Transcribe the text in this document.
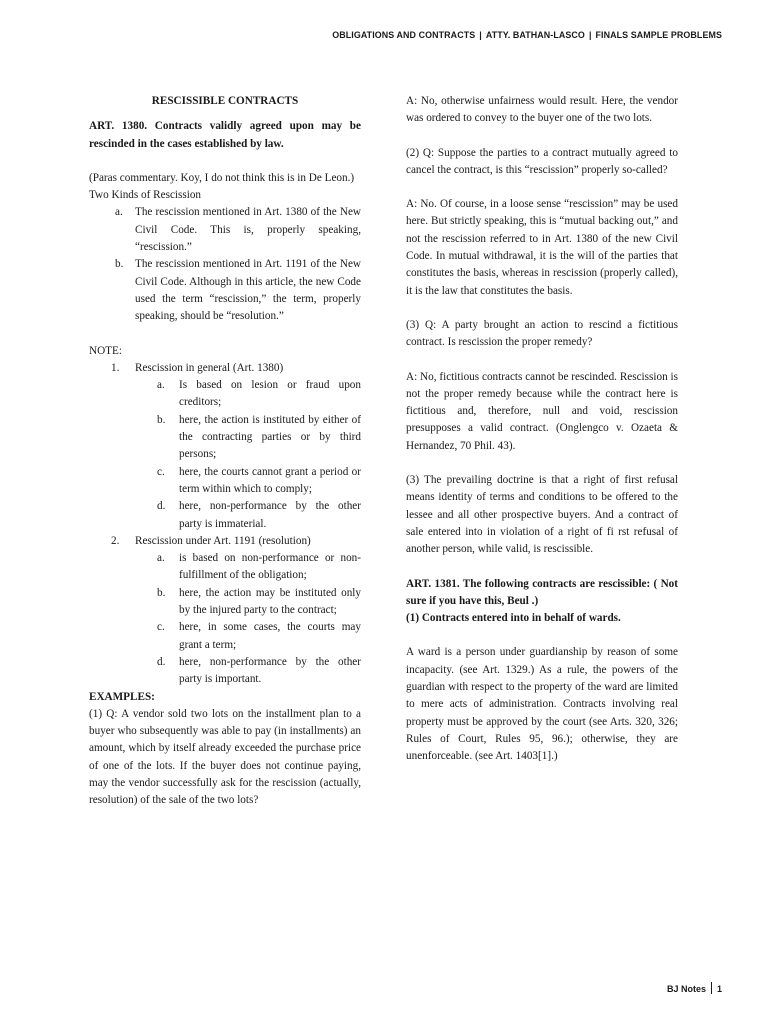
OBLIGATIONS AND CONTRACTS | ATTY. BATHAN-LASCO | FINALS SAMPLE PROBLEMS

RESCISSIBLE CONTRACTS

ART. 1380. Contracts validly agreed upon may be rescinded in the cases established by law.

(Paras commentary. Koy, I do not think this is in De Leon.)

Two Kinds of Rescission

a. The rescission mentioned in Art. 1380 of the New Civil Code. This is, properly speaking, “rescission.”
b. The rescission mentioned in Art. 1191 of the New Civil Code. Although in this article, the new Code used the term “rescission,” the term, properly speaking, should be “resolution.”

NOTE:

1. Rescission in general (Art. 1380)
a. Is based on lesion or fraud upon creditors;
b. here, the action is instituted by either of the contracting parties or by third persons;
c. here, the courts cannot grant a period or term within which to comply;
d. here, non-performance by the other party is immaterial.
2. Rescission under Art. 1191 (resolution)
a. is based on non-performance or non-fulfillment of the obligation;
b. here, the action may be instituted only by the injured party to the contract;
c. here, in some cases, the courts may grant a term;
d. here, non-performance by the other party is important.

EXAMPLES:

(1) Q: A vendor sold two lots on the installment plan to a buyer who subsequently was able to pay (in installments) an amount, which by itself already exceeded the purchase price of one of the lots. If the buyer does not continue paying, may the vendor successfully ask for the rescission (actually, resolution) of the sale of the two lots?

A: No, otherwise unfairness would result. Here, the vendor was ordered to convey to the buyer one of the two lots.

(2) Q: Suppose the parties to a contract mutually agreed to cancel the contract, is this “rescission” properly so-called?

A: No. Of course, in a loose sense “rescission” may be used here. But strictly speaking, this is “mutual backing out,” and not the rescission referred to in Art. 1380 of the new Civil Code. In mutual withdrawal, it is the will of the parties that constitutes the basis, whereas in rescission (properly called), it is the law that constitutes the basis.

(3) Q: A party brought an action to rescind a fictitious contract. Is rescission the proper remedy?

A: No, fictitious contracts cannot be rescinded. Rescission is not the proper remedy because while the contract here is fictitious and, therefore, null and void, rescission presupposes a valid contract. (Onglengco v. Ozaeta & Hernandez, 70 Phil. 43).

(3) The prevailing doctrine is that a right of first refusal means identity of terms and conditions to be offered to the lessee and all other prospective buyers. And a contract of sale entered into in violation of a right of fi rst refusal of another person, while valid, is rescissible.

ART. 1381. The following contracts are rescissible: ( Not sure if you have this, Beul .)

(1) Contracts entered into in behalf of wards.

A ward is a person under guardianship by reason of some incapacity. (see Art. 1329.) As a rule, the powers of the guardian with respect to the property of the ward are limited to mere acts of administration. Contracts involving real property must be approved by the court (see Arts. 320, 326; Rules of Court, Rules 95, 96.); otherwise, they are unenforceable. (see Art. 1403[1].)

BJ Notes 1
